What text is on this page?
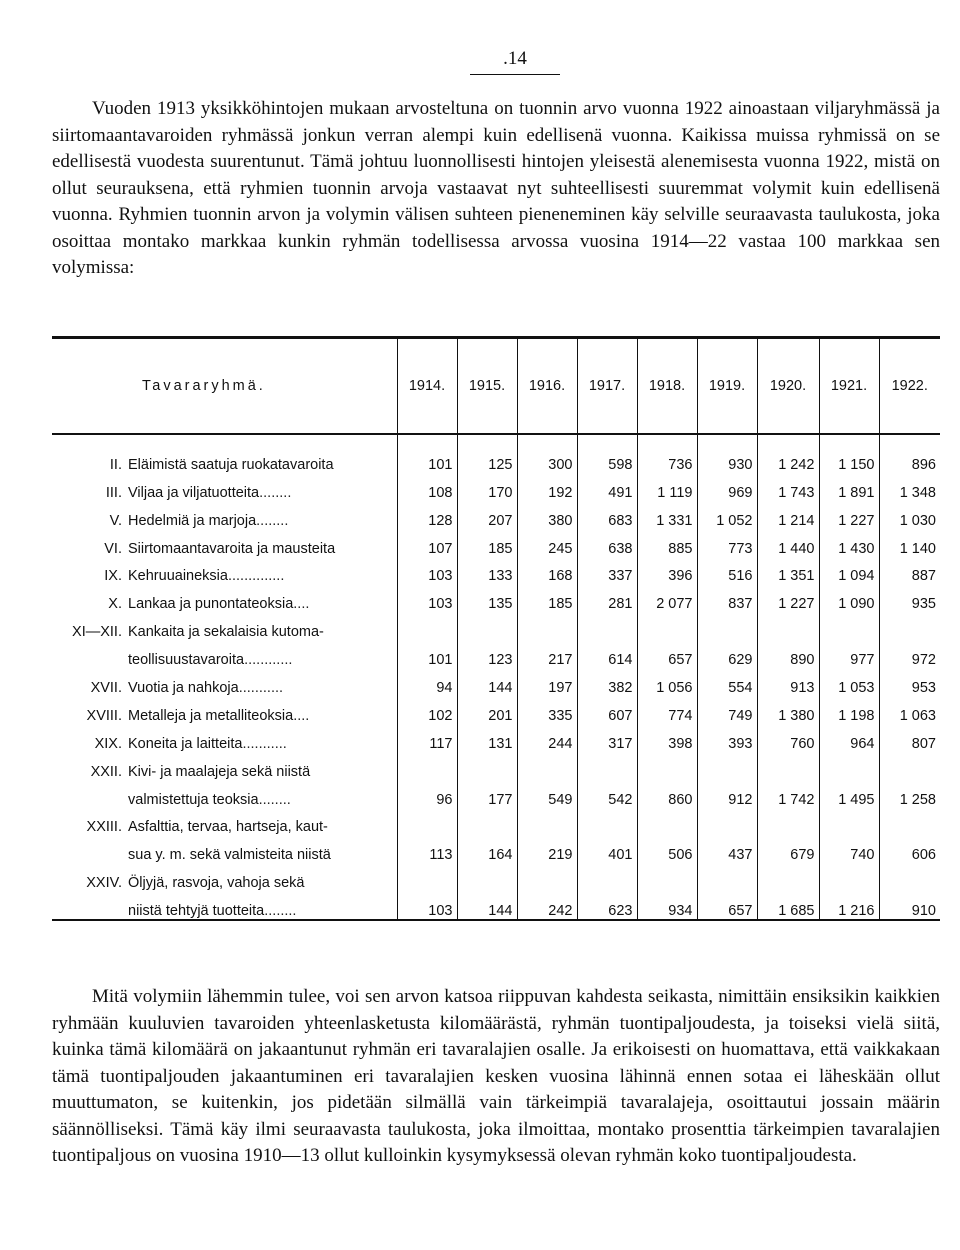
.14

Vuoden 1913 yksikköhintojen mukaan arvosteltuna on tuonnin arvo vuonna 1922 ainoastaan viljaryhmässä ja siirtomaantavaroiden ryhmässä jonkun verran alempi kuin edellisenä vuonna. Kaikissa muissa ryhmissä on se edellisestä vuodesta suurentunut. Tämä johtuu luonnollisesti hintojen yleisestä alenemisesta vuonna 1922, mistä on ollut seurauksena, että ryhmien tuonnin arvoja vastaavat nyt suhteellisesti suuremmat volymit kuin edellisenä vuonna. Ryhmien tuonnin arvon ja volymin välisen suhteen pieneneminen käy selville seuraavasta taulukosta, joka osoittaa montako markkaa kunkin ryhmän todellisessa arvossa vuosina 1914—22 vastaa 100 markkaa sen volymissa:

Tavararyhmä.	1914.	1915.	1916.	1917.	1918.	1919.	1920.	1921.	1922.
II. Eläimistä saatuja ruokatavaroita	101	125	300	598	736	930	1 242	1 150	896
III. Viljaa ja viljatuotteita........	108	170	192	491	1 119	969	1 743	1 891	1 348
V. Hedelmiä ja marjoja........	128	207	380	683	1 331	1 052	1 214	1 227	1 030
VI. Siirtomaantavaroita ja mausteita	107	185	245	638	885	773	1 440	1 430	1 140
IX. Kehruuaineksia..............	103	133	168	337	396	516	1 351	1 094	887
X. Lankaa ja punontateoksia....	103	135	185	281	2 077	837	1 227	1 090	935
XI—XII. Kankaita ja sekalaisia kutoma-									
teollisuustavaroita............	101	123	217	614	657	629	890	977	972
XVII. Vuotia ja nahkoja...........	94	144	197	382	1 056	554	913	1 053	953
XVIII. Metalleja ja metalliteoksia....	102	201	335	607	774	749	1 380	1 198	1 063
XIX. Koneita ja laitteita...........	117	131	244	317	398	393	760	964	807
XXII. Kivi- ja maalajeja sekä niistä									
valmistettuja teoksia........	96	177	549	542	860	912	1 742	1 495	1 258
XXIII. Asfalttia, tervaa, hartseja, kaut-									
sua y. m. sekä valmisteita niistä	113	164	219	401	506	437	679	740	606
XXIV. Öljyjä, rasvoja, vahoja sekä									
niistä tehtyjä tuotteita........	103	144	242	623	934	657	1 685	1 216	910

Mitä volymiin lähemmin tulee, voi sen arvon katsoa riippuvan kahdesta seikasta, nimittäin ensiksikin kaikkien ryhmään kuuluvien tavaroiden yhteenlasketusta kilomäärästä, ryhmän tuontipaljoudesta, ja toiseksi vielä siitä, kuinka tämä kilomäärä on jakaantunut ryhmän eri tavaralajien osalle. Ja erikoisesti on huomattava, että vaikkakaan tämä tuontipaljouden jakaantuminen eri tavaralajien kesken vuosina lähinnä ennen sotaa ei läheskään ollut muuttumaton, se kuitenkin, jos pidetään silmällä vain tärkeimpiä tavaralajeja, osoittautui jossain määrin säännölliseksi. Tämä käy ilmi seuraavasta taulukosta, joka ilmoittaa, montako prosenttia tärkeimpien tavaralajien tuontipaljous on vuosina 1910—13 ollut kulloinkin kysymyksessä olevan ryhmän koko tuontipaljoudesta.
